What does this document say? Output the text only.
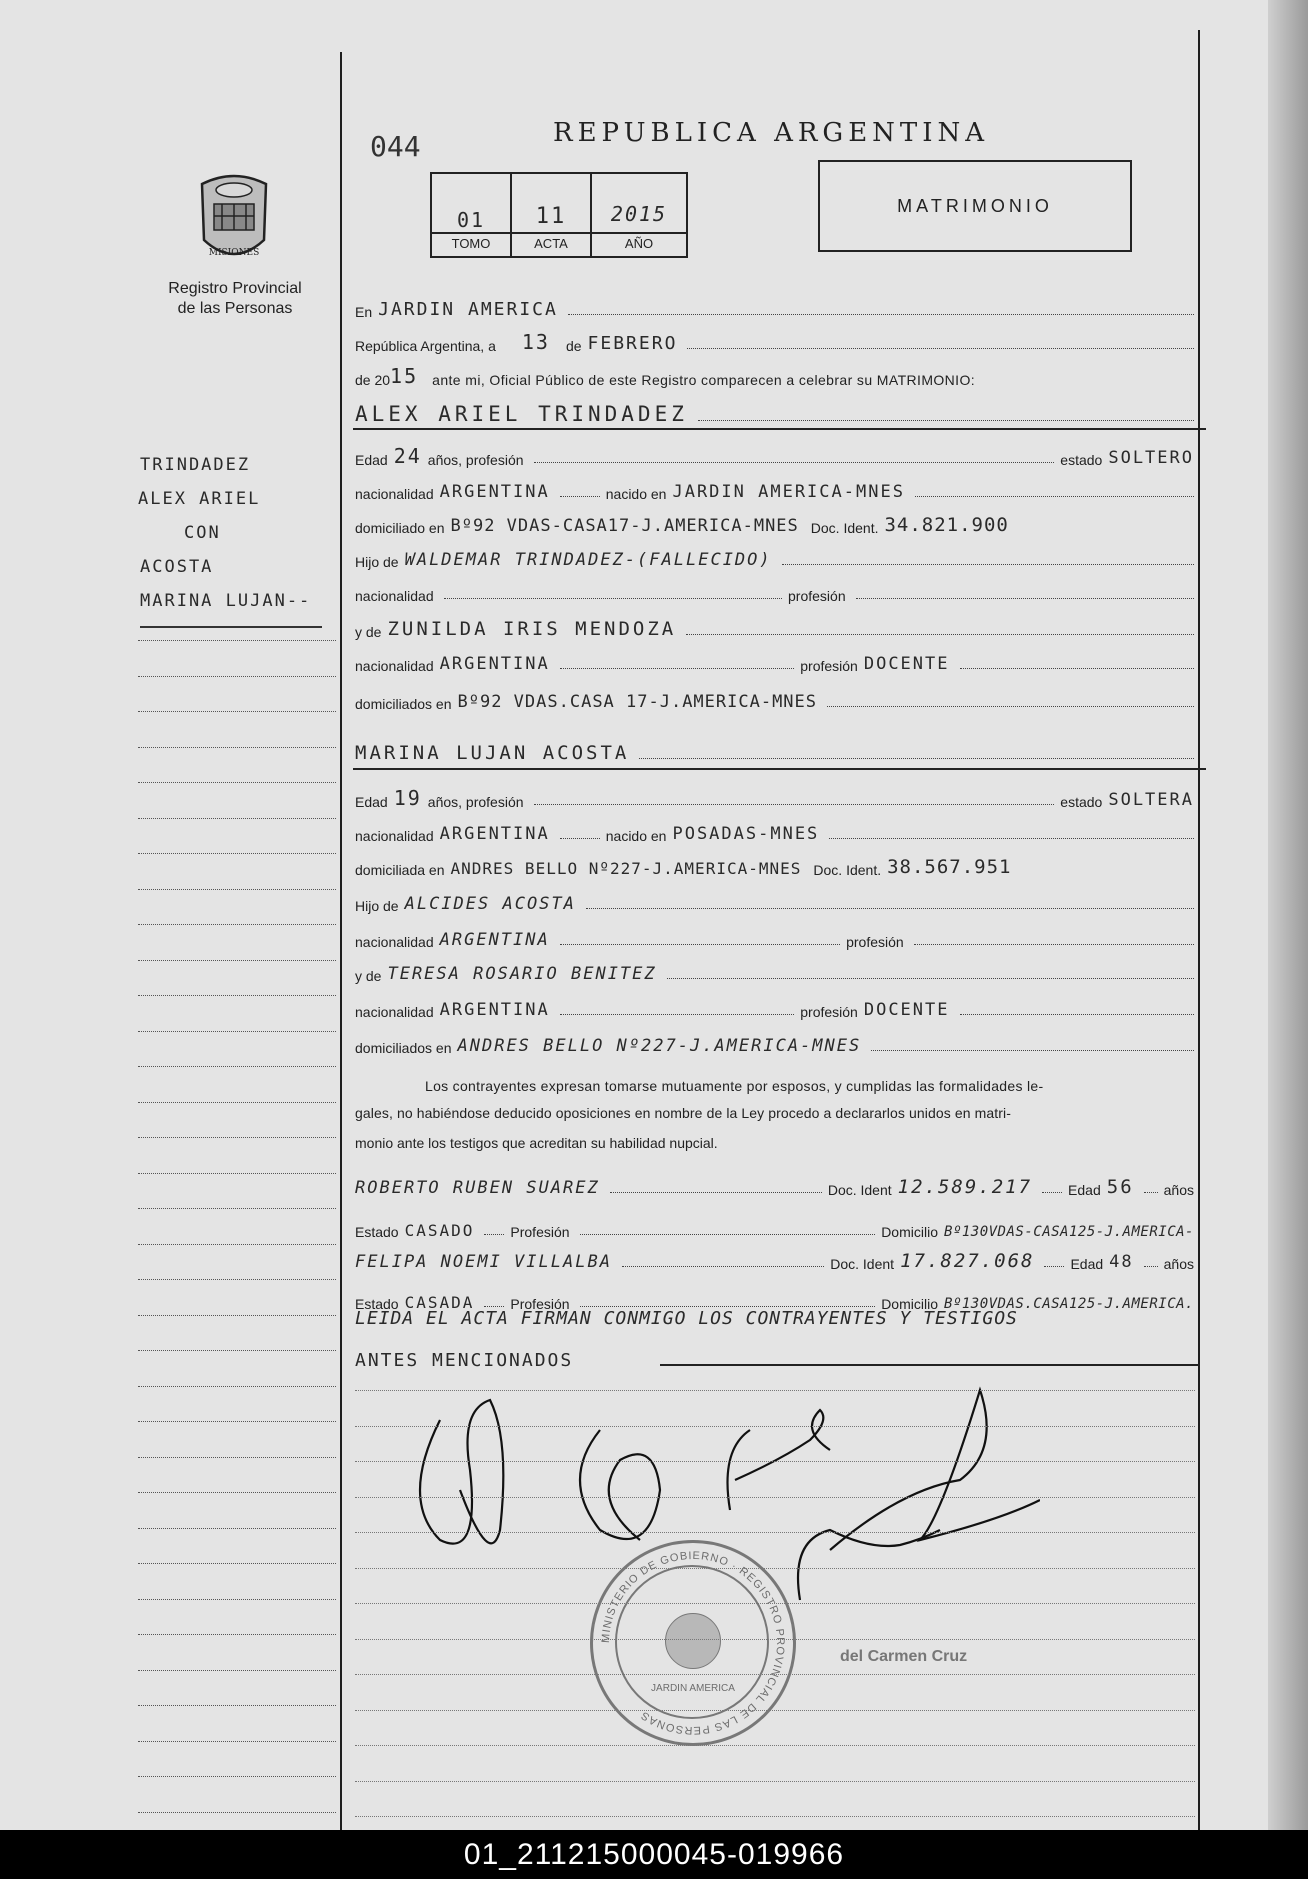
MISIONES
Registro Provincial
de las Personas
044	REPUBLICA ARGENTINA
01	11	2015
TOMO	ACTA	AÑO
MATRIMONIO
TRINDADEZ
ALEX ARIEL
CON
ACOSTA
MARINA LUJAN--
En JARDIN AMERICA
República Argentina, a 13 de FEBRERO
de 20 15 ante mi, Oficial Público de este Registro comparecen a celebrar su MATRIMONIO:
ALEX ARIEL TRINDADEZ
Edad 24 años, profesión	estado SOLTERO
nacionalidad ARGENTINA	nacido en JARDIN AMERICA-MNES
domiciliado en Bº92 VDAS-CASA17-J.AMERICA-MNES Doc. Ident. 34.821.900
Hijo de WALDEMAR TRINDADEZ-(FALLECIDO)
nacionalidad	profesión
y de ZUNILDA IRIS MENDOZA
nacionalidad ARGENTINA	profesión DOCENTE
domiciliados en Bº92 VDAS.CASA 17-J.AMERICA-MNES
MARINA LUJAN ACOSTA
Edad 19 años, profesión	estado SOLTERA
nacionalidad ARGENTINA	nacido en POSADAS-MNES
domiciliada en ANDRES BELLO Nº227-J.AMERICA-MNES Doc. Ident. 38.567.951
Hijo de ALCIDES ACOSTA
nacionalidad ARGENTINA	profesión
y de TERESA ROSARIO BENITEZ
nacionalidad ARGENTINA	profesión DOCENTE
domiciliados en ANDRES BELLO Nº227-J.AMERICA-MNES
Los contrayentes expresan tomarse mutuamente por esposos, y cumplidas las formalidades le-
gales, no habiéndose deducido oposiciones en nombre de la Ley procedo a declararlos unidos en matri-
monio ante los testigos que acreditan su habilidad nupcial.
ROBERTO RUBEN SUAREZ	Doc. Ident 12.589.217	Edad 56 años
Estado CASADO	Profesión	Domicilio Bº130VDAS-CASA125-J.AMERICA-
FELIPA NOEMI VILLALBA	Doc. Ident 17.827.068	Edad 48 años
Estado CASADA	Profesión	Domicilio Bº130VDAS.CASA125-J.AMERICA.
LEIDA EL ACTA FIRMAN CONMIGO LOS CONTRAYENTES Y TESTIGOS
ANTES MENCIONADOS
MINISTERIO DE GOBIERNO · REGISTRO PROVINCIAL DE LAS PERSONAS
JARDIN AMERICA
del Carmen Cruz
01_211215000045-019966
